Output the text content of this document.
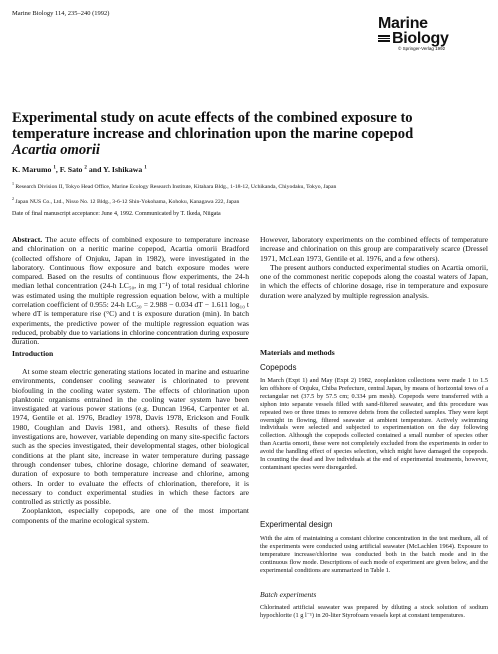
Marine Biology 114, 235–240 (1992)
Marine
Biology
© Springer-Verlag 1992
Experimental study on acute effects of the combined exposure to temperature increase and chlorination upon the marine copepod Acartia omorii
K. Marumo $^1$, F. Sato $^2$ and Y. Ishikawa $^1$
$^1$ Research Division II, Tokyo Head Office, Marine Ecology Research Institute, Kitahara Bldg., 1-18-12, Uchikanda, Chiyodaku, Tokyo, Japan
$^2$ Japan NUS Co., Ltd., Nisso No. 12 Bldg., 3-6-12 Shin-Yokohama, Kohoku, Kanagawa 222, Japan
Date of final manuscript acceptance: June 4, 1992. Communicated by T. Ikeda, Niigata

Abstract. The acute effects of combined exposure to temperature increase and chlorination on a neritic marine copepod, Acartia omorii Bradford (collected offshore of Onjuku, Japan in 1982), were investigated in the laboratory. Continuous flow exposure and batch exposure modes were compared. Based on the results of continuous flow experiments, the 24-h median lethal concentration (24-h LC₅₀, in mg l⁻¹) of total residual chlorine was estimated using the multiple regression equation below, with a multiple correlation coefficient of 0.955: 24-h LC₅₀ = 2.988 − 0.034 dT − 1.611 log₁₀ t where dT is temperature rise (°C) and t is exposure duration (min). In batch experiments, the predictive power of the multiple regression equation was reduced, probably due to variations in chlorine concentration during exposure duration.

Introduction

At some steam electric generating stations located in marine and estuarine environments, condenser cooling seawater is chlorinated to prevent biofouling in the cooling water system. The effects of chlorination upon planktonic organisms entrained in the cooling water system have been investigated at various power stations (e.g. Duncan 1964, Carpenter et al. 1974, Gentile et al. 1976, Bradley 1978, Davis 1978, Erickson and Foulk 1980, Coughlan and Davis 1981, and others). Results of these field investigations are, however, variable depending on many site-specific factors such as the species investigated, their developmental stages, other biological conditions at the plant site, increase in water temperature during passage through condenser tubes, chlorine dosage, chlorine demand of seawater, duration of exposure to both temperature increase and chlorine, among others. In order to evaluate the effects of chlorination, therefore, it is necessary to conduct experimental studies in which these factors are controlled as strictly as possible.

Zooplankton, especially copepods, are one of the most important components of the marine ecological system.

However, laboratory experiments on the combined effects of temperature increase and chlorination on this group are comparatively scarce (Dressel 1971, McLean 1973, Gentile et al. 1976, and a few others).

The present authors conducted experimental studies on Acartia omorii, one of the commonest neritic copepods along the coastal waters of Japan, in which the effects of chlorine dosage, rise in temperature and exposure duration were analyzed by multiple regression analysis.

Materials and methods
Copepods

In March (Expt 1) and May (Expt 2) 1982, zooplankton collections were made 1 to 1.5 km offshore of Onjuku, Chiba Prefecture, central Japan, by means of horizontal tows of a rectangular net (37.5 by 57.5 cm; 0.334 µm mesh). Copepods were transferred with a siphon into separate vessels filled with sand-filtered seawater, and this procedure was repeated two or three times to remove debris from the collected samples. They were kept overnight in flowing, filtered seawater at ambient temperature. Actively swimming individuals were selected and subjected to experimentation on the day following collection. Although the copepods collected contained a small number of species other than Acartia omorii, these were not completely excluded from the experiments in order to avoid the handling effect of species selection, which might have damaged the copepods. In counting the dead and live individuals at the end of experimental treatments, however, contaminant species were disregarded.

Experimental design

With the aim of maintaining a constant chlorine concentration in the test medium, all of the experiments were conducted using artificial seawater (McLachlen 1964). Exposure to temperature increase/chlorine was conducted both in the batch mode and in the continuous flow mode. Descriptions of each mode of experiment are given below, and the experimental conditions are summarized in Table 1.

Batch experiments

Chlorinated artificial seawater was prepared by diluting a stock solution of sodium hypochlorite (1 g l⁻¹) in 20-liter Styrofoam vessels kept at constant temperatures.
